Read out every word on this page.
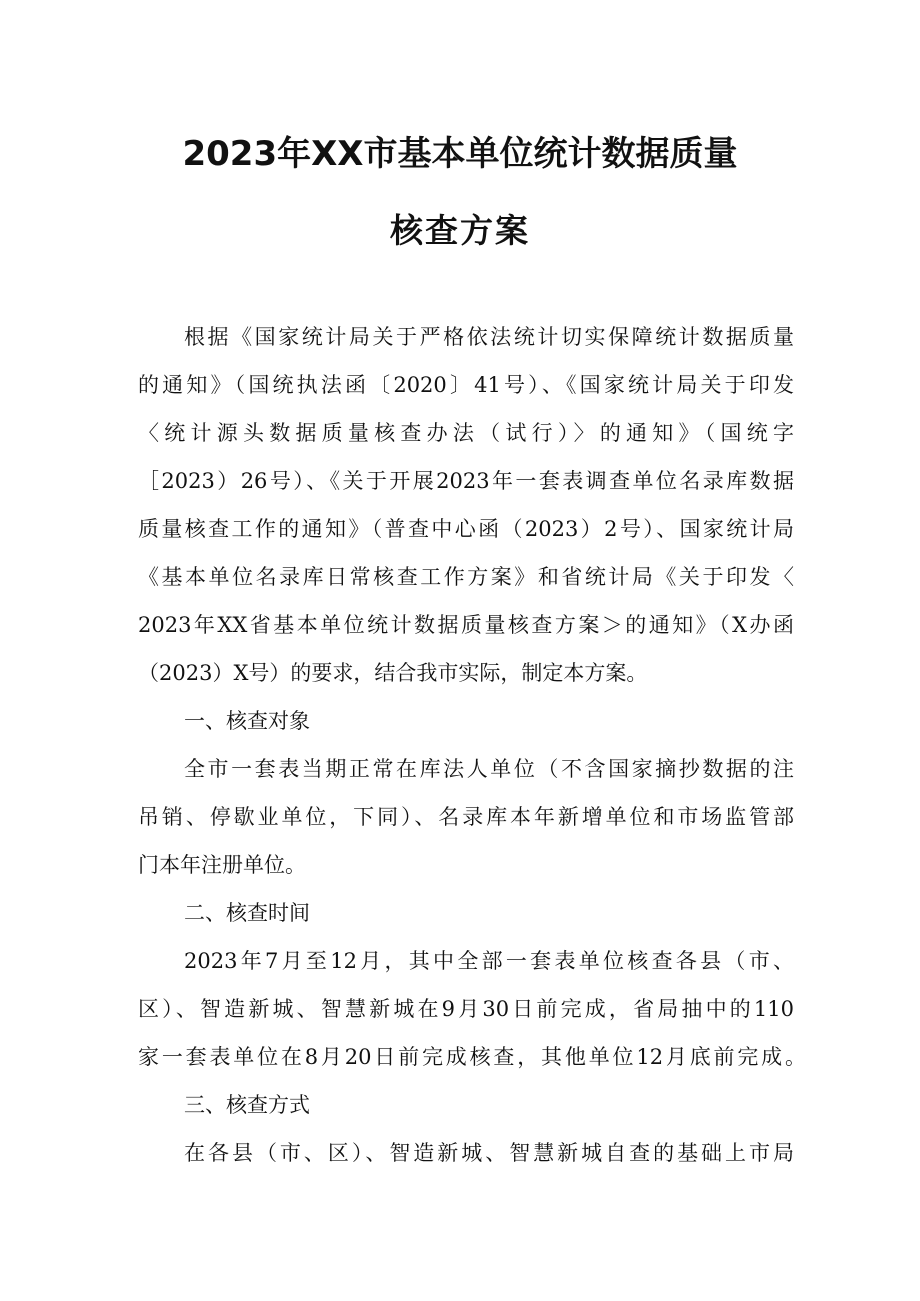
2023年XX市基本单位统计数据质量
核查方案
根据《国家统计局关于严格依法统计切实保障统计数据质量
的通知》（国统执法函〔2020〕41号）、《国家统计局关于印发
〈统计源头数据质量核查办法（试行）〉的通知》（国统字
［2023）26号）、《关于开展2023年一套表调查单位名录库数据
质量核查工作的通知》（普查中心函（2023）2号）、国家统计局
《基本单位名录库日常核查工作方案》和省统计局《关于印发〈
2023年XX省基本单位统计数据质量核查方案＞的通知》（X办函
（2023）X号）的要求，结合我市实际，制定本方案。
一、核查对象
全市一套表当期正常在库法人单位（不含国家摘抄数据的注
吊销、停歇业单位，下同）、名录库本年新增单位和市场监管部
门本年注册单位。
二、核查时间
2023年7月至12月，其中全部一套表单位核查各县（市、
区）、智造新城、智慧新城在9月30日前完成，省局抽中的110
家一套表单位在8月20日前完成核查，其他单位12月底前完成。
三、核查方式
在各县（市、区）、智造新城、智慧新城自查的基础上市局
